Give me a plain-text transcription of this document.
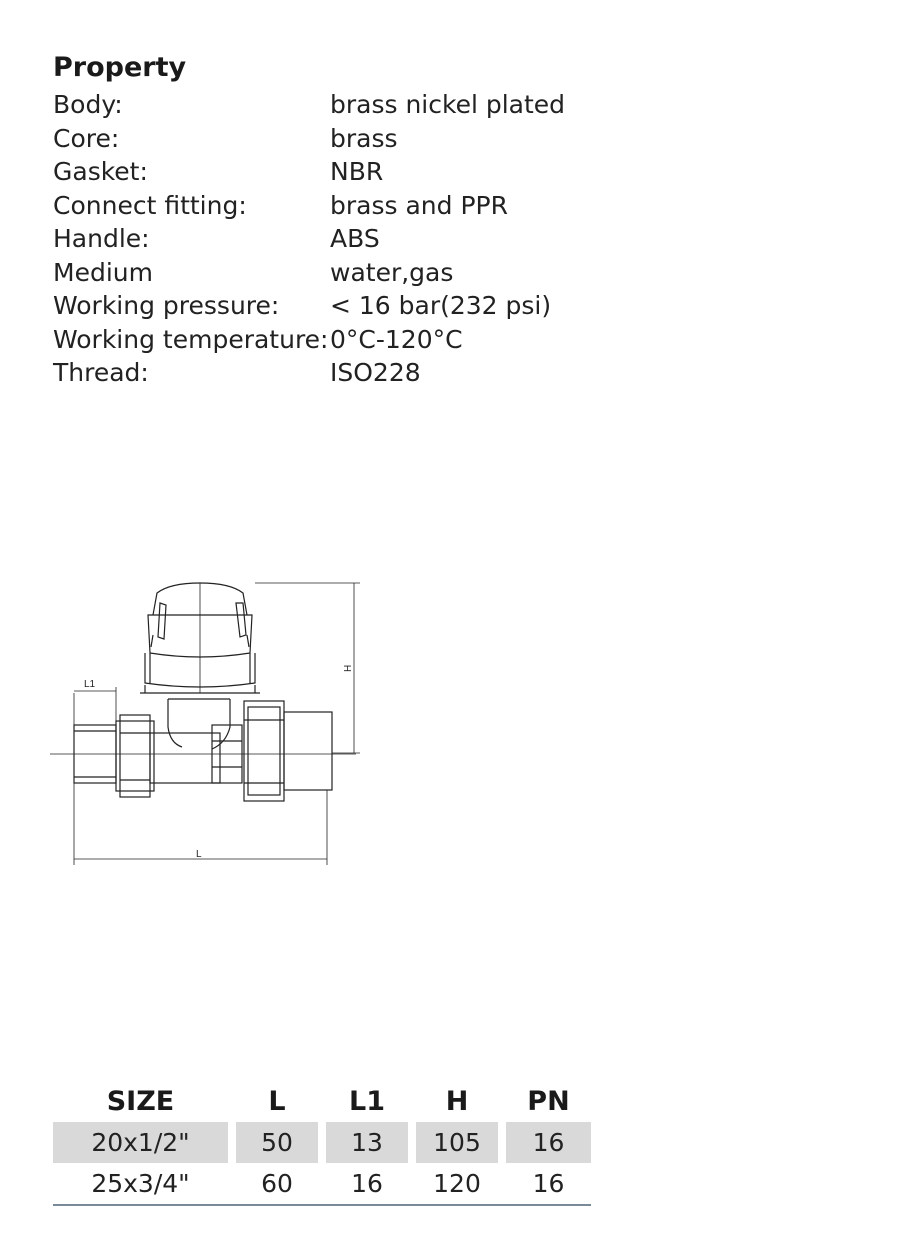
Property
Body:	brass nickel plated
Core:	brass
Gasket:	NBR
Connect fitting:	brass and PPR
Handle:	ABS
Medium	water,gas
Working pressure:	< 16 bar(232 psi)
Working temperature: 0°C-120°C
Thread:	ISO228
L1
L
H
SIZE	L	L1	H	PN
20x1/2"	50	13	105	16
25x3/4"	60	16	120	16
